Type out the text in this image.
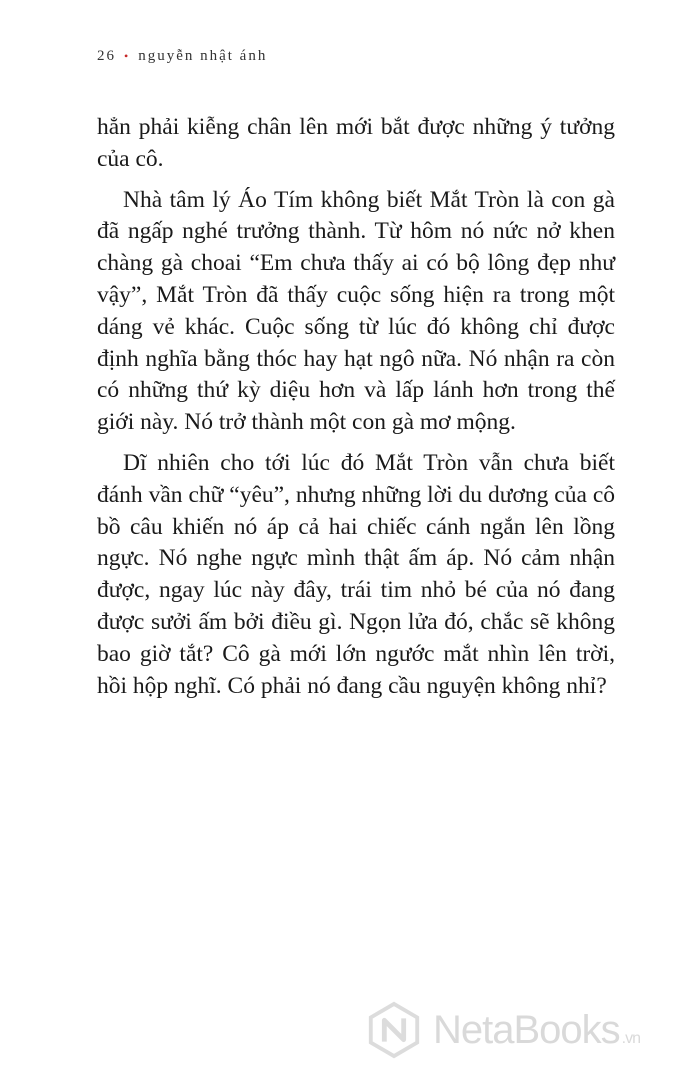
26 • nguyễn nhật ánh

hẳn phải kiễng chân lên mới bắt được những ý tưởng của cô.

Nhà tâm lý Áo Tím không biết Mắt Tròn là con gà đã ngấp nghé trưởng thành. Từ hôm nó nức nở khen chàng gà choai “Em chưa thấy ai có bộ lông đẹp như vậy”, Mắt Tròn đã thấy cuộc sống hiện ra trong một dáng vẻ khác. Cuộc sống từ lúc đó không chỉ được định nghĩa bằng thóc hay hạt ngô nữa. Nó nhận ra còn có những thứ kỳ diệu hơn và lấp lánh hơn trong thế giới này. Nó trở thành một con gà mơ mộng.

Dĩ nhiên cho tới lúc đó Mắt Tròn vẫn chưa biết đánh vần chữ “yêu”, nhưng những lời du dương của cô bồ câu khiến nó áp cả hai chiếc cánh ngắn lên lồng ngực. Nó nghe ngực mình thật ấm áp. Nó cảm nhận được, ngay lúc này đây, trái tim nhỏ bé của nó đang được sưởi ấm bởi điều gì. Ngọn lửa đó, chắc sẽ không bao giờ tắt? Cô gà mới lớn ngước mắt nhìn lên trời, hồi hộp nghĩ. Có phải nó đang cầu nguyện không nhỉ?

NetaBooks .vn
